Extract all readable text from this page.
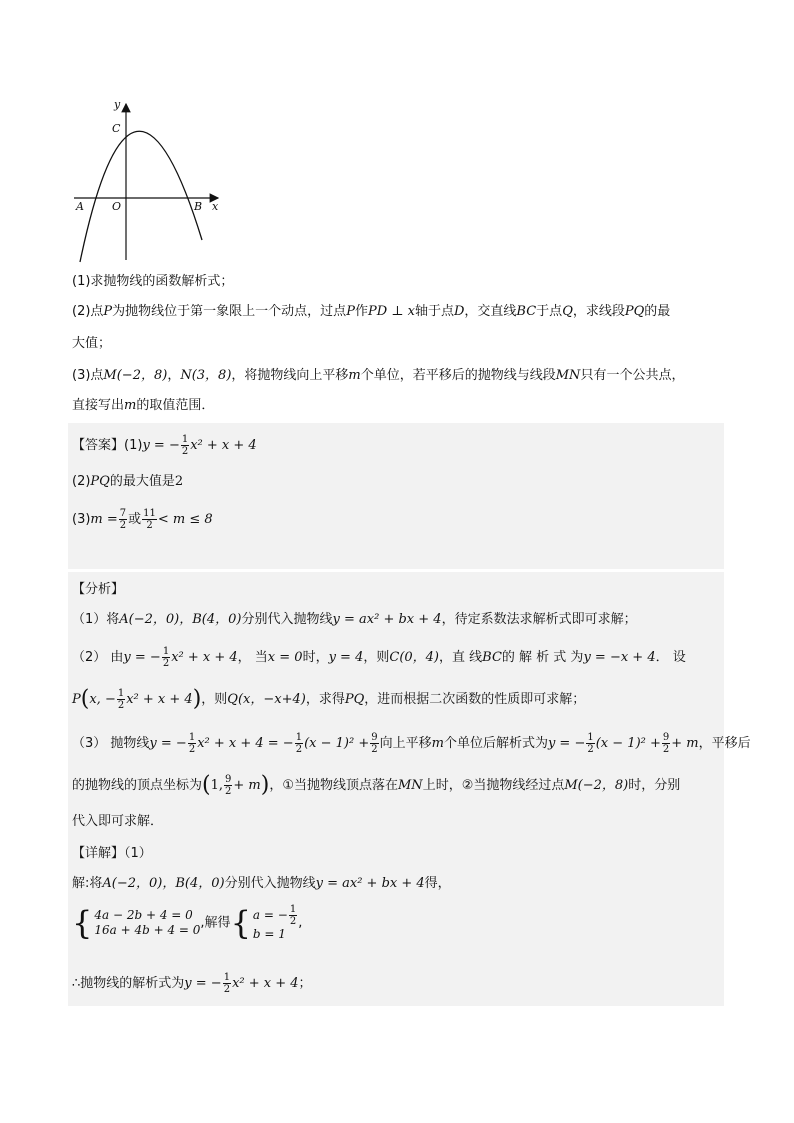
y
C
A	O	B x
(1)求抛物线的函数解析式；
(2)点P为抛物线位于第一象限上一个动点，过点P作PD ⊥ x轴于点D，交直线BC于点Q，求线段PQ的最
大值；
(3)点M(−2，8)，N(3，8)，将抛物线向上平移m个单位，若平移后的抛物线与线段MN只有一个公共点，
直接写出m的取值范围．
【答案】(1)y = − $\frac{1}{2} x^2 + x + 4$
(2)PQ的最大值是2
$(3)m = \frac{7}{2}$ 或 $\frac{11}{2} < m \le 8$
【分析】
（1）将A(−2，0)，B(4，0)分别代入抛物线y = ax² + bx + 4，待定系数法求解析式即可求解；
（2） 由y = − $\frac{1}{2} x^2 + x + 4$， 当x = 0时，y = 4，则C(0，4)，直 线BC的 解 析 式 为y = −x + 4． 设
P(x, − $\frac{1}{2} x^2 + x + 4$)，则Q(x，−x+4)，求得PQ，进而根据二次函数的性质即可求解；
（3） 抛物线y = − $\frac{1}{2} x^2 + x + 4$ = − $\frac{1}{2} (x - 1)^2 + \frac{9}{2}$ 向上平移m个单位后解析式为y = − $\frac{1}{2} (x - 1)^2 + \frac{9}{2} + m$，平移后
的抛物线的顶点坐标为(1, $\frac{9}{2} + m$)，①当抛物线顶点落在MN上时，②当抛物线经过点M(−2，8)时，分别
代入即可求解．
【详解】（1）
解:将A(−2，0)，B(4，0)分别代入抛物线y = ax² + bx + 4得，
{ 4a − 2b + 4 = 0
16a + 4b + 4 = 0 ,解得 { a = − $\frac{1}{2}$
b = 1
,
∴抛物线的解析式为y = − $\frac{1}{2} x^2 + x + 4$；
